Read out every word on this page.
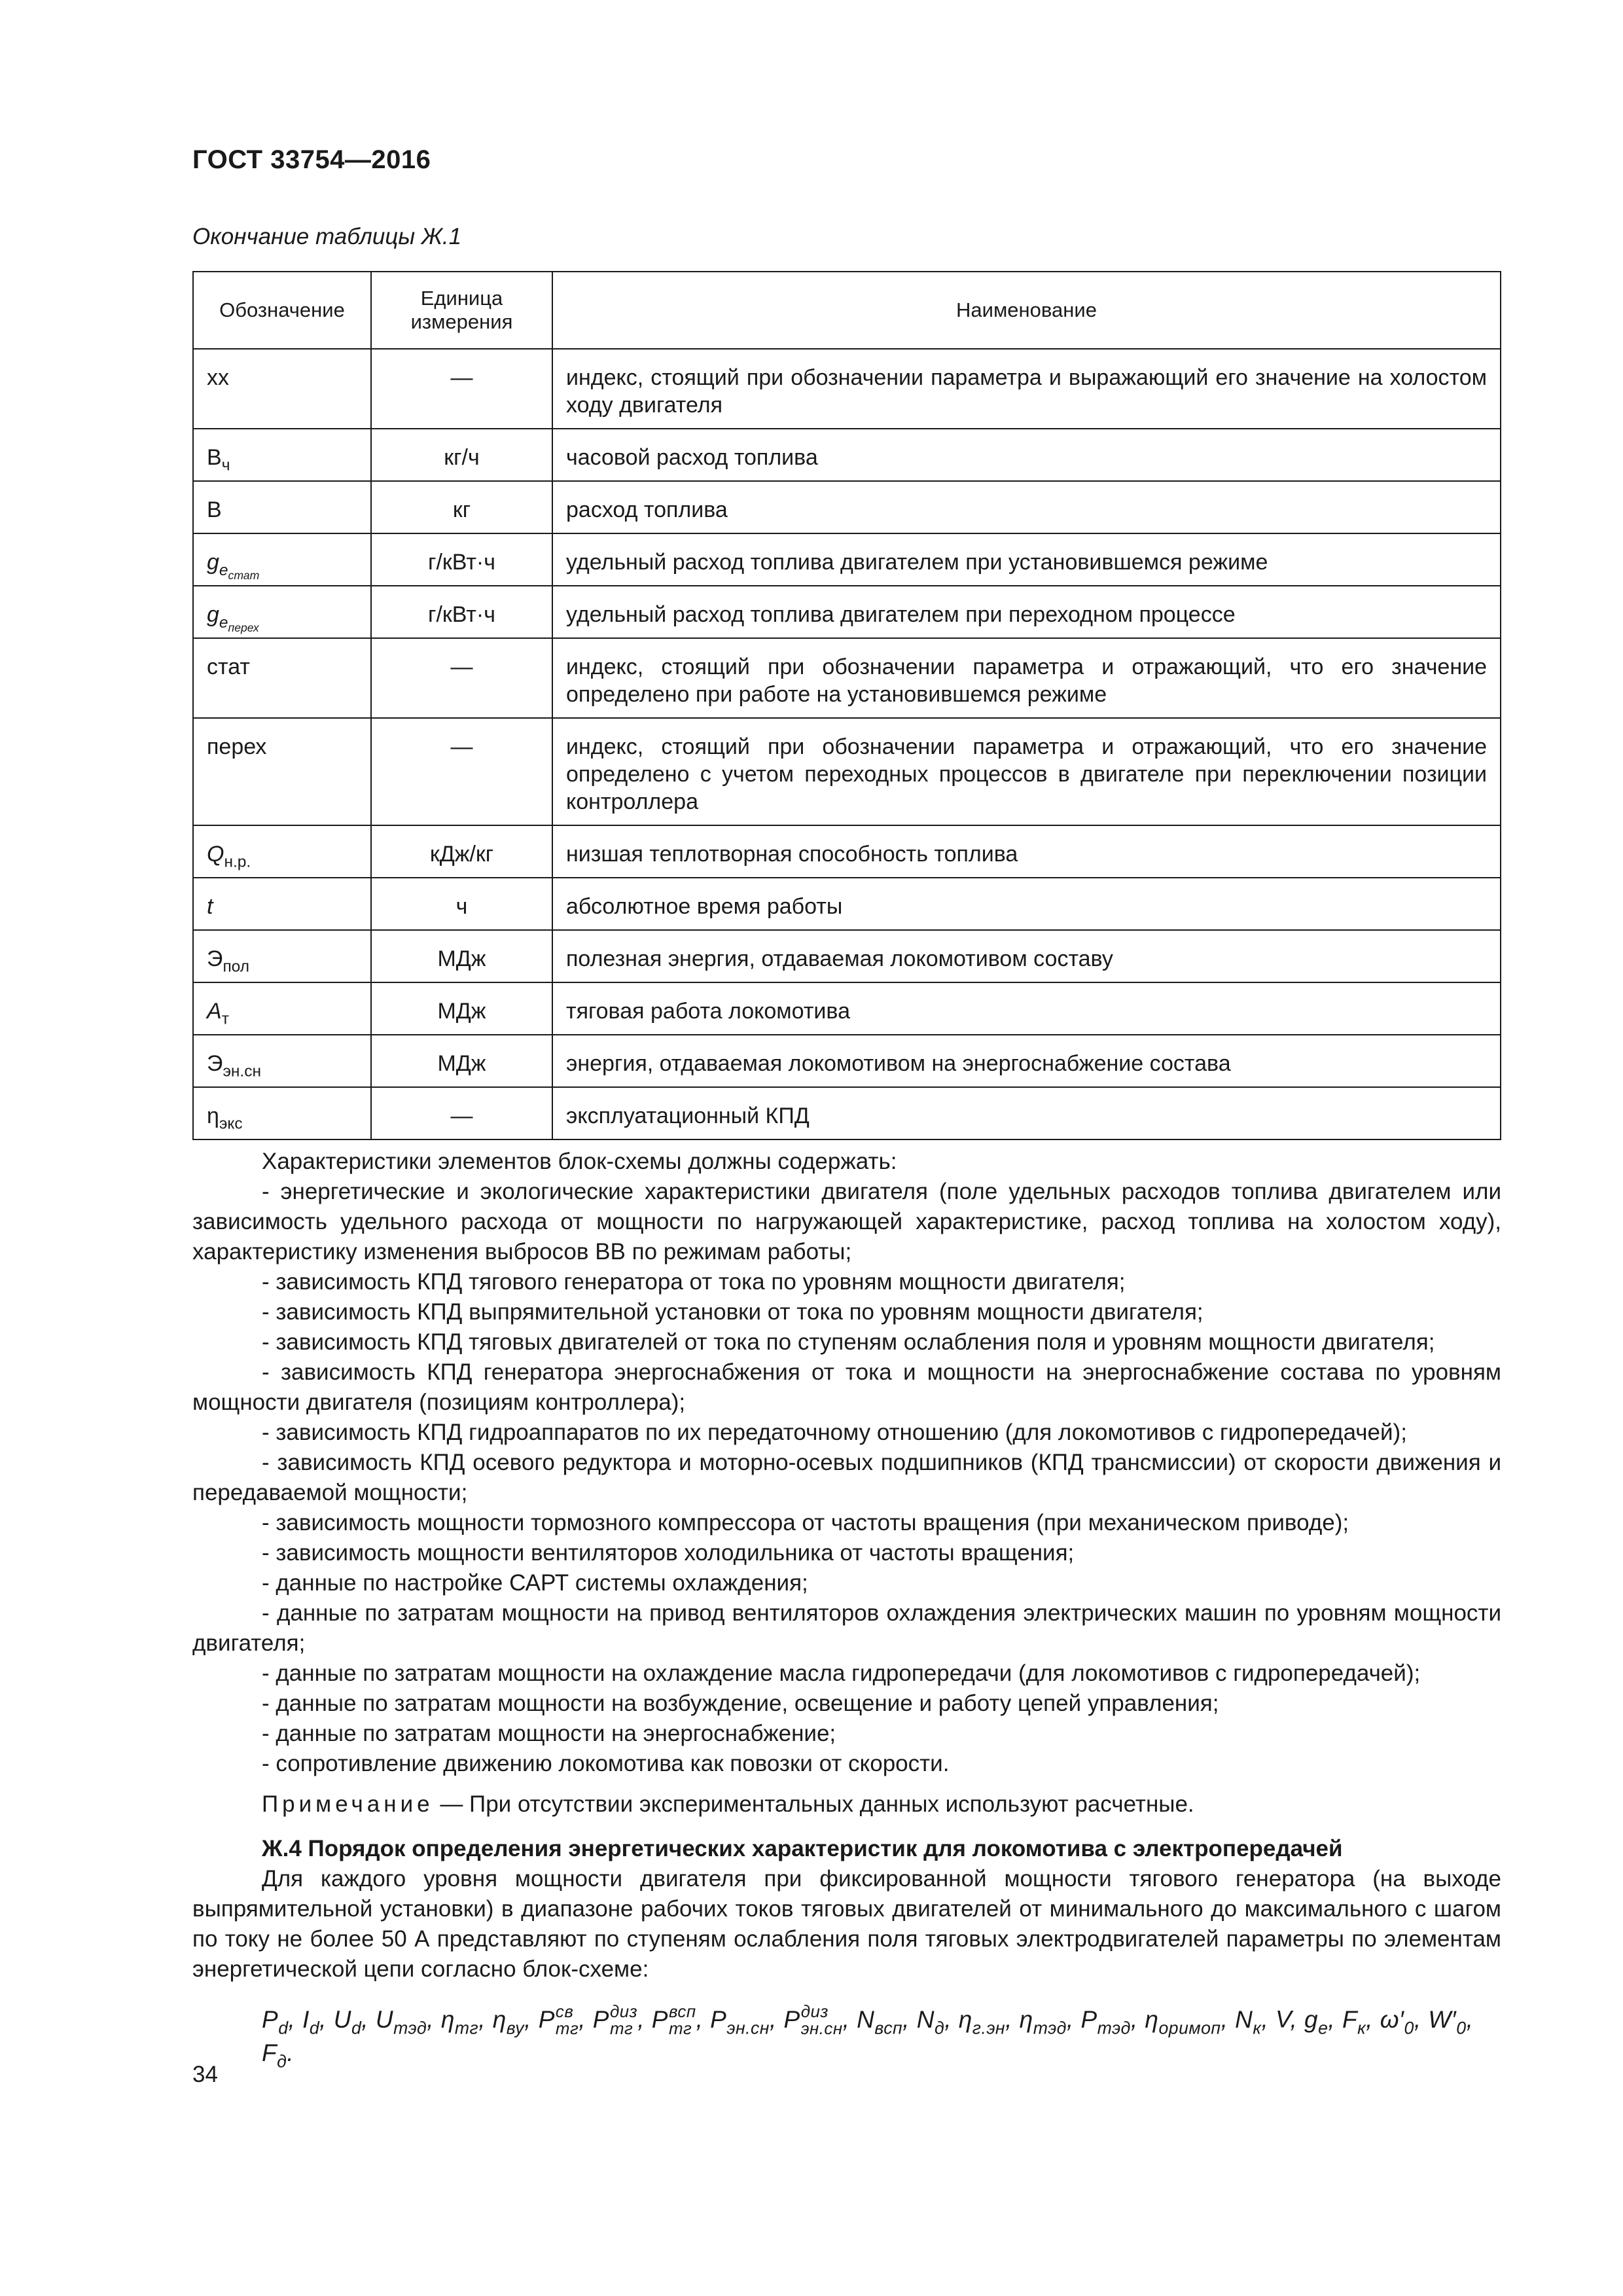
ГОСТ 33754—2016
Окончание таблицы Ж.1
Обозначение	Единица измерения	Наименование
хх	—	индекс, стоящий при обозначении параметра и выражающий его значение на холостом ходу двигателя
$B_ч$	кг/ч	часовой расход топлива
B	кг	расход топлива
$g_{e_{стат}}$	г/кВт·ч	удельный расход топлива двигателем при установившемся режиме
$g_{e_{перех}}$	г/кВт·ч	удельный расход топлива двигателем при переходном процессе
стат	—	индекс, стоящий при обозначении параметра и отражающий, что его значение определено при работе на установившемся режиме
перех	—	индекс, стоящий при обозначении параметра и отражающий, что его значение определено с учетом переходных процессов в двигателе при переключении позиции контроллера
$Q_{н.р.}$	кДж/кг	низшая теплотворная способность топлива
t	ч	абсолютное время работы
$Э_{пол}$	МДж	полезная энергия, отдаваемая локомотивом составу
$А_т$	МДж	тяговая работа локомотива
$Э_{эн.сн}$	МДж	энергия, отдаваемая локомотивом на энергоснабжение состава
$\eta_{экс}$	—	эксплуатационный КПД

Характеристики элементов блок-схемы должны содержать:

- энергетические и экологические характеристики двигателя (поле удельных расходов топлива двигателем или зависимость удельного расхода от мощности по нагружающей характеристике, расход топлива на холостом ходу), характеристику изменения выбросов ВВ по режимам работы;

- зависимость КПД тягового генератора от тока по уровням мощности двигателя;

- зависимость КПД выпрямительной установки от тока по уровням мощности двигателя;

- зависимость КПД тяговых двигателей от тока по ступеням ослабления поля и уровням мощности двигателя;

- зависимость КПД генератора энергоснабжения от тока и мощности на энергоснабжение состава по уровням мощности двигателя (позициям контроллера);

- зависимость КПД гидроаппаратов по их передаточному отношению (для локомотивов с гидропередачей);

- зависимость КПД осевого редуктора и моторно-осевых подшипников (КПД трансмиссии) от скорости движения и передаваемой мощности;

- зависимость мощности тормозного компрессора от частоты вращения (при механическом приводе);

- зависимость мощности вентиляторов холодильника от частоты вращения;

- данные по настройке САРТ системы охлаждения;

- данные по затратам мощности на привод вентиляторов охлаждения электрических машин по уровням мощности двигателя;

- данные по затратам мощности на охлаждение масла гидропередачи (для локомотивов с гидропередачей);

- данные по затратам мощности на возбуждение, освещение и работу цепей управления;

- данные по затратам мощности на энергоснабжение;

- сопротивление движению локомотива как повозки от скорости.

Примечание — При отсутствии экспериментальных данных используют расчетные.

Ж.4 Порядок определения энергетических характеристик для локомотива с электропередачей

Для каждого уровня мощности двигателя при фиксированной мощности тягового генератора (на выходе выпрямительной установки) в диапазоне рабочих токов тяговых двигателей от минимального до максимального с шагом по току не более 50 А представляют по ступеням ослабления поля тяговых электродвигателей параметры по элементам энергетической цепи согласно блок-схеме:

$P_d$, $I_d$, $U_d$, $U_{тэд}$, $\eta_{тг}$, $\eta_{ву}$, P св
тг , P диз
тг , P всп
тг , $P_{эн.сн}$, P диз
эн.сн , $N_{всп}$, $N_д$, $\eta_{г.эн}$, $\eta_{тэд}$, $P_{тэд}$, $\eta_{оримоп}$, $N_к$, V, $g_e$, $F_к$, $\omega'_0$, $W'_0$, $F_д$.

34
